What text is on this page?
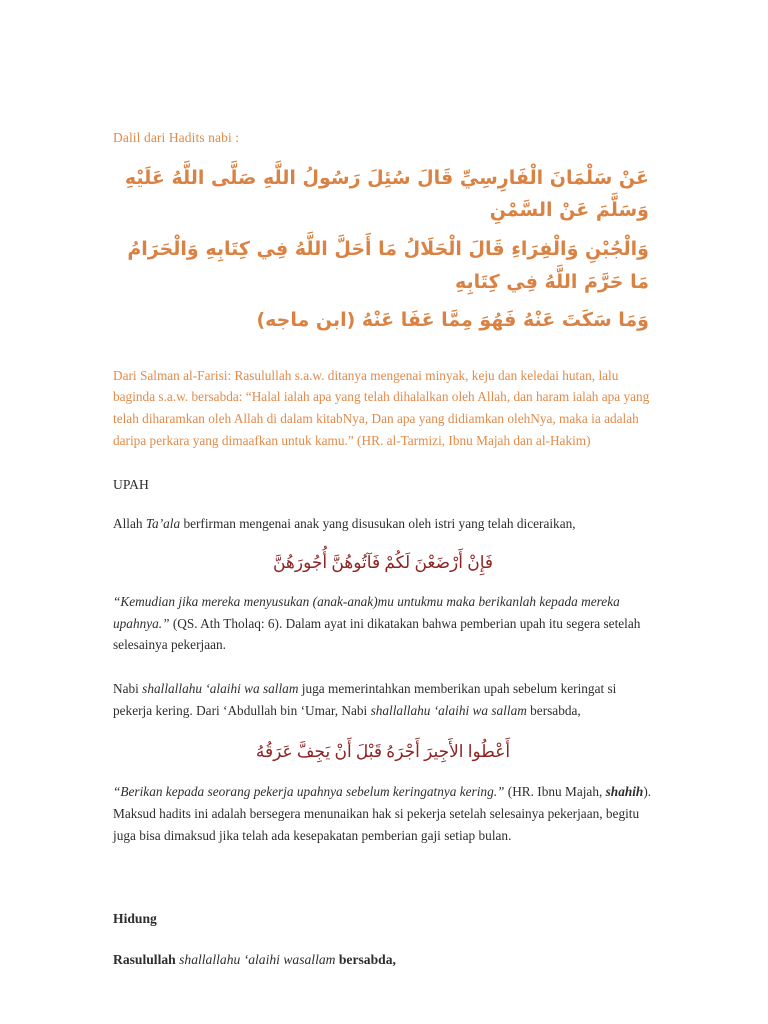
Dalil dari Hadits nabi :

عَنْ سَلْمَانَ الْفَارِسِيِّ قَالَ سُئِلَ رَسُولُ اللَّهِ صَلَّى اللَّهُ عَلَيْهِ وَسَلَّمَ عَنْ السَّمْنِ

وَالْجُبْنِ وَالْفِرَاءِ قَالَ الْحَلَالُ مَا أَحَلَّ اللَّهُ فِي كِتَابِهِ وَالْحَرَامُ مَا حَرَّمَ اللَّهُ فِي كِتَابِهِ

وَمَا سَكَتَ عَنْهُ فَهُوَ مِمَّا عَفَا عَنْهُ (ابن ماجه)

Dari Salman al-Farisi: Rasulullah s.a.w. ditanya mengenai minyak, keju dan keledai hutan, lalu baginda s.a.w. bersabda: “Halal ialah apa yang telah dihalalkan oleh Allah, dan haram ialah apa yang telah diharamkan oleh Allah di dalam kitabNya, Dan apa yang didiamkan olehNya, maka ia adalah daripa perkara yang dimaafkan untuk kamu.” (HR. al-Tarmizi, Ibnu Majah dan al-Hakim)

UPAH

Allah Ta’ala berfirman mengenai anak yang disusukan oleh istri yang telah diceraikan,

فَإِنْ أَرْضَعْنَ لَكُمْ فَآتُوهُنَّ أُجُورَهُنَّ

“Kemudian jika mereka menyusukan (anak-anak)mu untukmu maka berikanlah kepada mereka upahnya.” (QS. Ath Tholaq: 6). Dalam ayat ini dikatakan bahwa pemberian upah itu segera setelah selesainya pekerjaan.

Nabi shallallahu ‘alaihi wa sallam juga memerintahkan memberikan upah sebelum keringat si pekerja kering. Dari ‘Abdullah bin ‘Umar, Nabi shallallahu ‘alaihi wa sallam bersabda,

أَعْطُوا الأَجِيرَ أَجْرَهُ قَبْلَ أَنْ يَجِفَّ عَرَقُهُ

“Berikan kepada seorang pekerja upahnya sebelum keringatnya kering.” (HR. Ibnu Majah, shahih). Maksud hadits ini adalah bersegera menunaikan hak si pekerja setelah selesainya pekerjaan, begitu juga bisa dimaksud jika telah ada kesepakatan pemberian gaji setiap bulan.

Hidung

Rasulullah shallallahu ‘alaihi wasallam bersabda,
